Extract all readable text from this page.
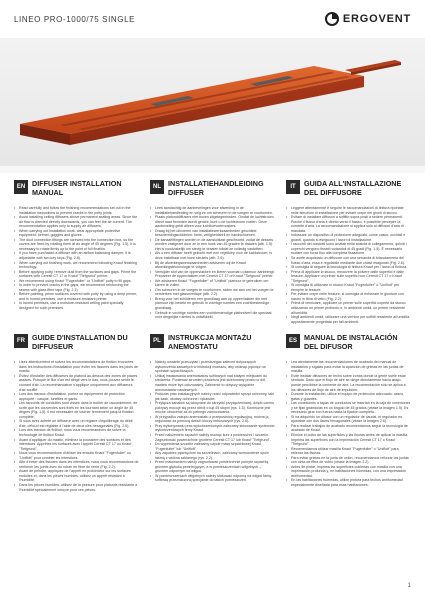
LINEO PRO-1000/75 SINGLE	ERGOVENT
EN DIFFUSER INSTALLATION MANUAL
• Read carefully and follow the finishing recommendations set out in the installation instructions to prevent cracks in the putty joints.
• Avoid installing ceiling diffusers above permanent seating areas. Since the air flow is directed directly downwards, you can feel the air current. The recommendation applies only to supply air diffusers.
• When carrying out installation work, wear appropriate protective equipment: helmet, goggles and gloves.
• The duct connection fittings are screwed into the connection box, so the covers are fixed by rotating them at an angle of 45 degrees (Fig. 1.5). It is necessary to rotate firmly up to the point of full fixation.
• If you have purchased a diffuser with an airflow balancing damper, it is adjustable with two-key keys (Fig. 2.6).
• When carrying out finishing work, we recommend following Knauf finishing technology.
• Before applying putty, remove dust from the surfaces and gaps. Prime the surfaces with Ceresit CT 17 or Knauf "Tiefgrund" primer.
• We recommend using Knauf "Fugenfuller" or "Uniflott" putty to fill gaps.
• In order to prevent cracks in the gaps, we recommend reinforcing the seams with glass fibre tape (Fig. 2.2).
• Before painting, prime surfaces covered with putty by using a deep primer, and in humid premises, use a moisture-resistant primer.
• In humid premises, use a moisture-resistant ceiling paint specially designed for such premises.
NL INSTALLATIEHANDLEIDING DIFFUSER
• Lees aandachtig de aanbevelingen voor afwerking in de installatiehandleiding en volg ze om scheuren in de voegen te voorkomen.
• Plaats plafonddiffusers niet boven zitgelegenheden. Omdat de luchtstroom direct naar beneden wordt gericht, kunt u de luchtstroom voelen. Deze aanbeveling geldt alleen voor luchttoevoerroosters.
• Draag bij het uitvoeren van installatiewerkzaamheden geschikte beschermingsmiddelen: helm, veiligheidsbril en handschoenen.
• De kanaalfittingen worden in de aansluitkast geschroefd, zodat de deksels worden vastgezet door ze in een hoek van 45 graden te draaien (afb. 1.5). Het is noodzakelijk om stevig te draaien totdat ze volledig vastzitten.
• Als u een diffuser heeft gekocht met een regelklep voor de luchtstroom, is deze instelbaar met twee sleutels (afb. 2.6).
• Bij de afwerkingswerkzaamheden adviseren wij de Knauf afwerkingstechnologie te volgen.
• Verwijder stof van de oppervlakken en kieren voordat u plamuur aanbrengt. Prepareer de oppervlakken met Ceresit CT 17 of Knauf "Tiefgrund" primer.
• We adviseren Knauf "Fugenfuller" of "Uniflott" plamuur te gebruiken om kieren te vullen.
• Om scheuren in de voegen te voorkomen, raden we aan om het voegen te versterken met glasvezeltape (afb. 2.2).
• Breng voor het schilderen een grondlaag aan op oppervlakken die met plamuur zijn bedekt en gebruik in vochtige ruimtes een vochtbestendige grondlaag.
• Gebruik in vochtige ruimtes een vochtbestendige plafondverf die speciaal voor dergelijke ruimtes is ontwikkeld.
IT	GUIDA ALL'INSTALLAZIONE DEL DIFFUSORE
• Leggere attentamente e seguire le raccomandazioni di finitura riportate nelle istruzioni di installazione per evitare crepe nei giunti di stucco.
• Evitare di installare diffusori a soffitto sopra posti a sedere permanenti. Poiché il flusso d'aria è diretto verso il basso, è possibile percepire la corrente d'aria. La raccomandazione si applica solo ai diffusori d'aria di mandata.
• Indossare un dispositivo di protezione adeguato, come casco, occhiali e guanti, quando si eseguono i lavori di installazione.
• I raccordi dei condotti sono avvitati nella scatola di collegamento, quindi i coperchi vengono fissati ruotandoli di 45 gradi (Fig. 1.5). È necessario ruotare con forza fino alla completa fissazione.
• Se avete acquistato un diffusore con una serranda di bilanciamento del flusso d'aria, essa è regolabile mediante due chiavi esagonali (Fig. 2.6).
• Si consiglia di seguire la tecnologia di finitura Knauf per i lavori di finitura.
• Prima di applicare lo stucco, rimuovere la polvere dalle superfici e dalle fessure. Applicare un primer sulle superfici con Ceresit CT 17 o Knauf "Tiefgrund".
• Si consiglia di utilizzare lo stucco Knauf "Fugenfuller" o "Uniflott" per riempire le fessure.
• Per evitare crepe nelle fessure, si consiglia di rinforzare le giunture con nastro in fibra di vetro (Fig. 2.2).
• Prima di verniciare, applicare un primer sulle superfici coperte da stucco utilizzando un primer profondo e, in ambienti umidi, un primer resistente all'umidità.
• Negli ambienti umidi, utilizzare una vernice per soffitti resistente all'umidità, appositamente progettata per tali ambienti.
FR GUIDE D'INSTALLATION DU DIFFUSEUR
• Lisez attentivement et suivez les recommandations de finition énoncées dans les instructions d'installation pour éviter les fissures dans les joints de mastic.
• Évitez d'installer des diffuseurs de plafond au-dessus des zones de places assises. Puisque le flux d'air est dirigé vers le bas, vous pouvez sentir le courant d'air. La recommandation s'applique uniquement aux diffuseurs d'air soufflé.
• Lors des travaux d'installation, portez un équipement de protection approprié : casque, lunettes et gants.
• Les raccords de conduites sont vissés dans le boîtier de raccordement, de sorte que les couvercles sont fixés en les tournant selon un angle de 45 degrés (Fig. 1.5). Il est nécessaire de tourner fermement jusqu'à fixation complète.
• Si vous avez acheté un diffuseur avec un registre d'équilibrage du débit d'air, celui-ci est réglable à l'aide de deux clés hexagonales (Fig. 2.6).
• Lors des travaux de finition, nous vous recommandons de suivre la technologie de finition Knauf.
• Avant d'appliquer du mastic, éliminez la poussière des surfaces et des interstices. Apprêtez les surfaces avec l'apprêt Ceresit CT 17 ou Knauf "Tiefgrund".
• Nous vous recommandons d'utiliser les enduits Knauf "Fugenfuller" ou "Uniflott" pour combler les interstices.
• Afin d'éviter des fissures dans les interstices, nous vous recommandons de renforcer les joints avec du ruban en fibre de verre (Fig. 2.2).
• Avant de peindre, appliquez de l'apprêt en profondeur sur les surfaces enduites et, dans les pièces humides, utilisez un apprêt résistant à l'humidité.
• Dans les pièces humides, utilisez de la peinture pour plafonds résistante à l'humidité spécialement conçue pour ces pièces.
PL INSTRUKCJA MONTAŻU ANEMOSTATU
• Należy uważnie przeczytać i przestrzegać zaleceń dotyczących wykończenia zawartych w instrukcji montażu, aby uniknąć pęknięć na spoinach szpachlowych.
• Unikaj instalowania anemostatów sufitowych nad stałymi miejscami do siedzenia. Ponieważ strumień powietrza jest skierowany prosto w dół, nawiew może być odczuwalny. Zalecenie to dotyczy wyłącznie anemostatów nawiewnych.
• Podczas prac instalacyjnych należy nosić odpowiedni sprzęt ochronny, taki jak kask, okulary ochronne i rękawice.
• Przyłącza kanałów są wkręcane do skrzynki przyłączeniowej, dzięki czemu pokrywy mocuje się przez obrót o kąt 45 stopni (rys. 1.5). Konieczne jest mocne obrócenie aż do pełnego zamocowania.
• W przypadku zakupu anemostatu z przepustnicą regulacyjną, można ją regulować za pomocą dwóch kluczy imbusowych (rys. 2.6).
• Przy wykonywaniu prac wykończeniowych zalecamy stosowanie systemów wykończeniowych firmy Knauf.
• Przed nałożeniem szpachli należy usunąć kurz z powierzchni i szczelin. Zagruntować powierzchnie gruntem Ceresit CT 17 lub Knauf "Tiefgrund".
• Do wypełnienia szczelin zalecamy użycie masy szpachlowej Knauf "Fugenfuller" lub "Uniflott".
• Aby zapobiec pęknięciom na szczelinach, zalecamy wzmocnienie spoin taśmą z włókna szklanego (rys. 2.2).
• Przed malowaniem należy zagruntować powierzchnie pokryte szpachlą gruntem głęboko penetrującym, a w pomieszczeniach wilgotnych – gruntem odpornym na wilgoć.
• W pomieszczeniach wilgotnych należy stosować odporną na wilgoć farbę sufitową przeznaczoną specjalnie do takich pomieszczeń.
ES MANUAL DE INSTALACIÓN DEL DIFUSOR
• Lea atentamente las recomendaciones de acabado del manual de instalación y sígalas para evitar la aparición de grietas en las juntas de masilla.
• Evite instalar difusores de techo sobre zonas donde la gente suele estar sentada. Dado que el flujo de aire se dirige directamente hacia abajo, puede percibirse la corriente de aire. La recomendación sólo se aplica a los difusores de flujo de aire de impulsión.
• Durante la instalación, utilice el equipo de protección adecuado: casco, gafas y guantes.
• Las conexiones a tapas de conductos se insertan en la caja de conexiones y se fijan girándolas en un ángulo de 45 grados (véase la imagen 1.5). Es necesario girar con fuerza hasta la fijación completa.
• Si ha adquirido un difusor con un regulador de caudal, el regulador es ajustable con dos llaves hexagonales (véase la imagen 2.6).
• Para realizar trabajos de acabado recomendamos seguir la tecnología de acabado de Knauf.
• Elimine el polvo de las superficies y las fisuras antes de aplicar la masilla. Imprima las superficies con la imprimación Ceresit CT 17 o Knauf "Tiefgrund".
• Recomendamos utilizar masilla Knauf "Fugenfuller" o "Uniflott" para rellenar las fisuras.
• Para evitar grietas en la junta de unión, recomendamos reforzar las juntas con cinta de fibra de vidrio (véase la imagen 2.2).
• Antes de pintar, imprima las superficies cubiertas con masilla con una imprimación profunda y, en habitaciones húmedas, con una imprimación antihumedad.
• En las habitaciones húmedas, utilice pintura para techos antihumedad especialmente diseñada para esas habitaciones.
1
